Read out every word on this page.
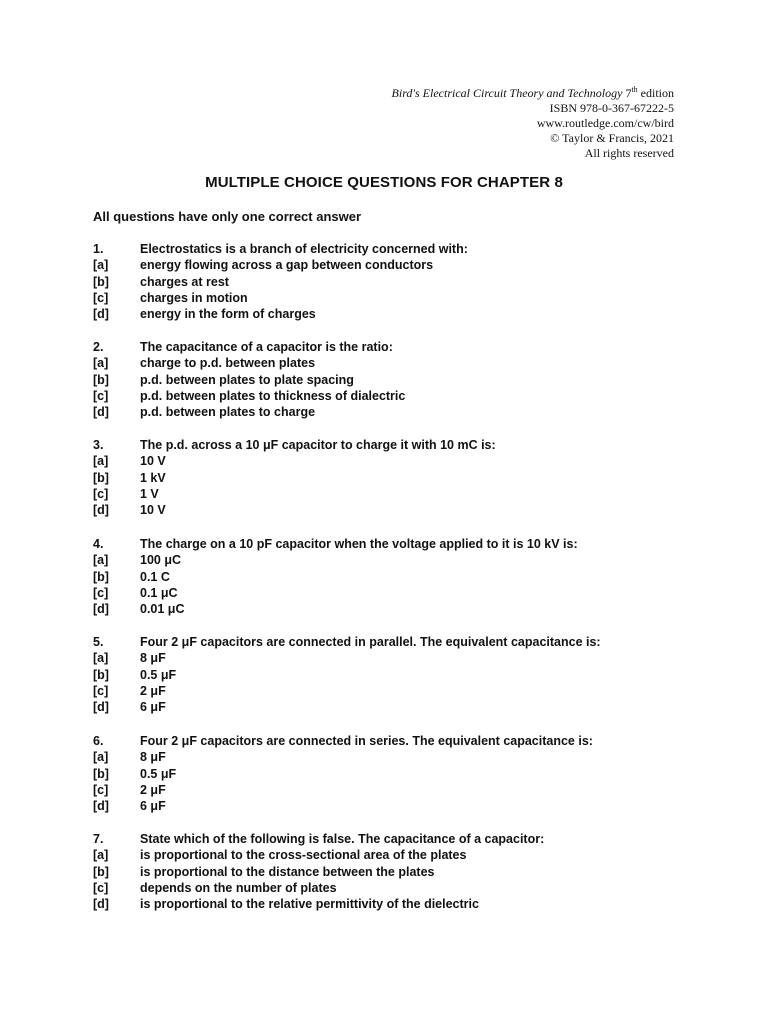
Bird's Electrical Circuit Theory and Technology 7th edition
ISBN 978-0-367-67222-5
www.routledge.com/cw/bird
© Taylor & Francis, 2021
All rights reserved
MULTIPLE CHOICE QUESTIONS FOR CHAPTER 8
All questions have only one correct answer
1.	Electrostatics is a branch of electricity concerned with:
[a]	energy flowing across a gap between conductors
[b] charges at rest
[c]	charges in motion
[d] energy in the form of charges
2.	The capacitance of a capacitor is the ratio:
[a]	charge to p.d. between plates
[b] p.d. between plates to plate spacing
[c]	p.d. between plates to thickness of dialectric
[d] p.d. between plates to charge
3.	The p.d. across a 10 μF capacitor to charge it with 10 mC is:
[a]	10 V
[b] 1 kV
[c]	1 V
[d] 10 V
4.	The charge on a 10 pF capacitor when the voltage applied to it is 10 kV is:
[a]	100 μC
[b] 0.1 C
[c]	0.1 μC
[d] 0.01 μC
5.	Four 2 μF capacitors are connected in parallel. The equivalent capacitance is:
[a]	8 μF
[b] 0.5 μF
[c]	2 μF
[d] 6 μF
6.	Four 2 μF capacitors are connected in series. The equivalent capacitance is:
[a]	8 μF
[b] 0.5 μF
[c]	2 μF
[d] 6 μF
7.	State which of the following is false. The capacitance of a capacitor:
[a]	is proportional to the cross-sectional area of the plates
[b] is proportional to the distance between the plates
[c]	depends on the number of plates
[d] is proportional to the relative permittivity of the dielectric
